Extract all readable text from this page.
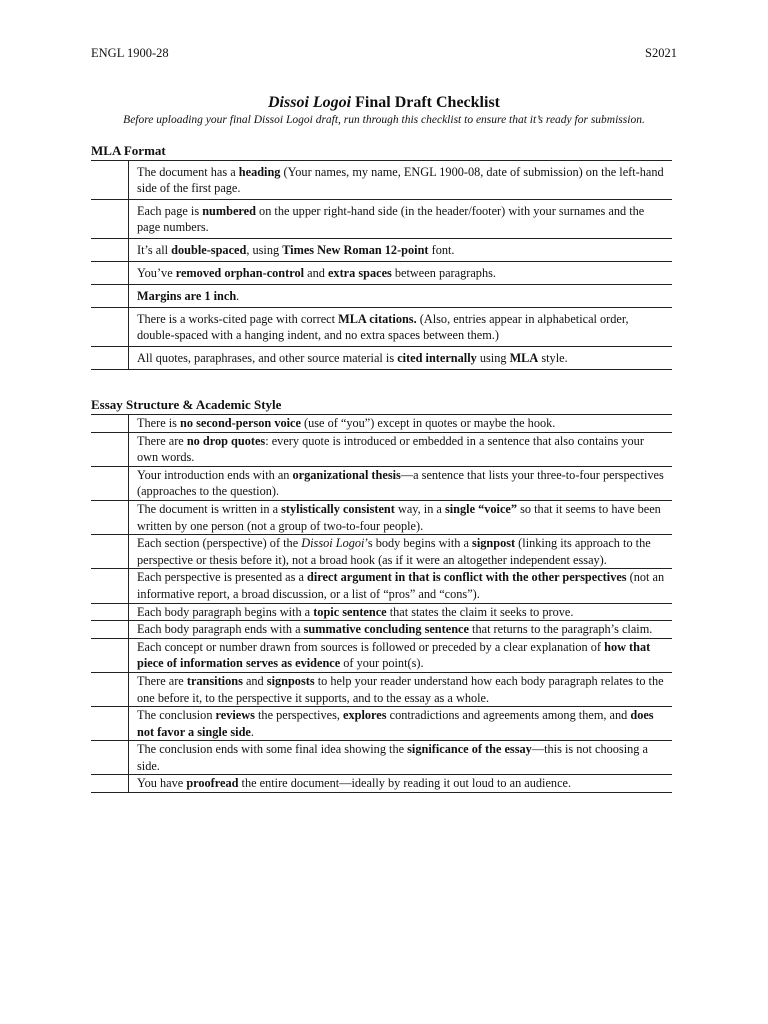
ENGL 1900-28	S2021
Dissoi Logoi Final Draft Checklist
Before uploading your final Dissoi Logoi draft, run through this checklist to ensure that it’s ready for submission.
MLA Format
	The document has a heading (Your names, my name, ENGL 1900-08, date of submission) on the left-hand side of the first page.
	Each page is numbered on the upper right-hand side (in the header/footer) with your surnames and the page numbers.
	It’s all double-spaced, using Times New Roman 12-point font.
	You’ve removed orphan-control and extra spaces between paragraphs.
	Margins are 1 inch.
	There is a works-cited page with correct MLA citations. (Also, entries appear in alphabetical order, double-spaced with a hanging indent, and no extra spaces between them.)
	All quotes, paraphrases, and other source material is cited internally using MLA style.
Essay Structure & Academic Style
	There is no second-person voice (use of “you”) except in quotes or maybe the hook.
	There are no drop quotes: every quote is introduced or embedded in a sentence that also contains your own words.
	Your introduction ends with an organizational thesis—a sentence that lists your three-to-four perspectives (approaches to the question).
	The document is written in a stylistically consistent way, in a single “voice” so that it seems to have been written by one person (not a group of two-to-four people).
	Each section (perspective) of the Dissoi Logoi’s body begins with a signpost (linking its approach to the perspective or thesis before it), not a broad hook (as if it were an altogether independent essay).
	Each perspective is presented as a direct argument in that is conflict with the other perspectives (not an informative report, a broad discussion, or a list of “pros” and “cons”).
	Each body paragraph begins with a topic sentence that states the claim it seeks to prove.
	Each body paragraph ends with a summative concluding sentence that returns to the paragraph’s claim.
	Each concept or number drawn from sources is followed or preceded by a clear explanation of how that piece of information serves as evidence of your point(s).
	There are transitions and signposts to help your reader understand how each body paragraph relates to the one before it, to the perspective it supports, and to the essay as a whole.
	The conclusion reviews the perspectives, explores contradictions and agreements among them, and does not favor a single side.
	The conclusion ends with some final idea showing the significance of the essay—this is not choosing a side.
	You have proofread the entire document—ideally by reading it out loud to an audience.
